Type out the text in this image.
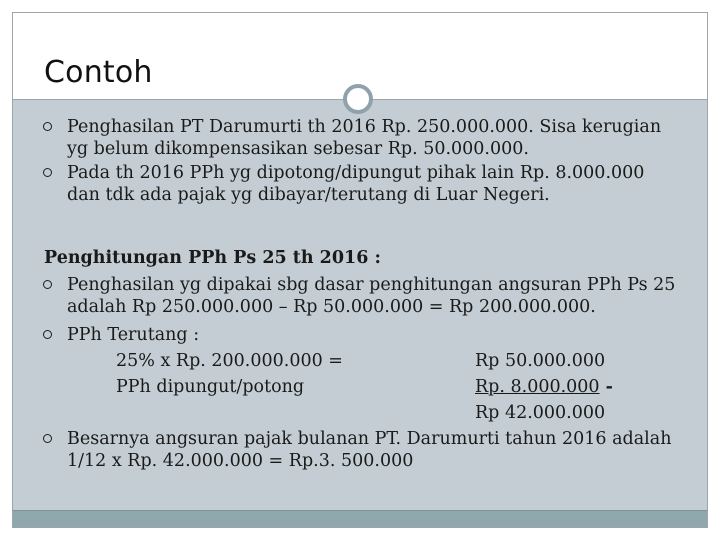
Contoh
Penghasilan PT Darumurti th 2016 Rp. 250.000.000. Sisa kerugian
yg belum dikompensasikan sebesar Rp. 50.000.000.
Pada th 2016 PPh yg dipotong/dipungut pihak lain Rp. 8.000.000
dan tdk ada pajak yg dibayar/terutang di Luar Negeri.
Penghitungan PPh Ps 25 th 2016 :
Penghasilan yg dipakai sbg dasar penghitungan angsuran PPh Ps 25
adalah Rp 250.000.000 – Rp 50.000.000 = Rp 200.000.000.
PPh Terutang :
25% x Rp. 200.000.000 =	Rp 50.000.000
PPh dipungut/potong	Rp. 8.000.000 -
Rp 42.000.000
Besarnya angsuran pajak bulanan PT. Darumurti tahun 2016 adalah
1/12 x Rp. 42.000.000 = Rp.3. 500.000
